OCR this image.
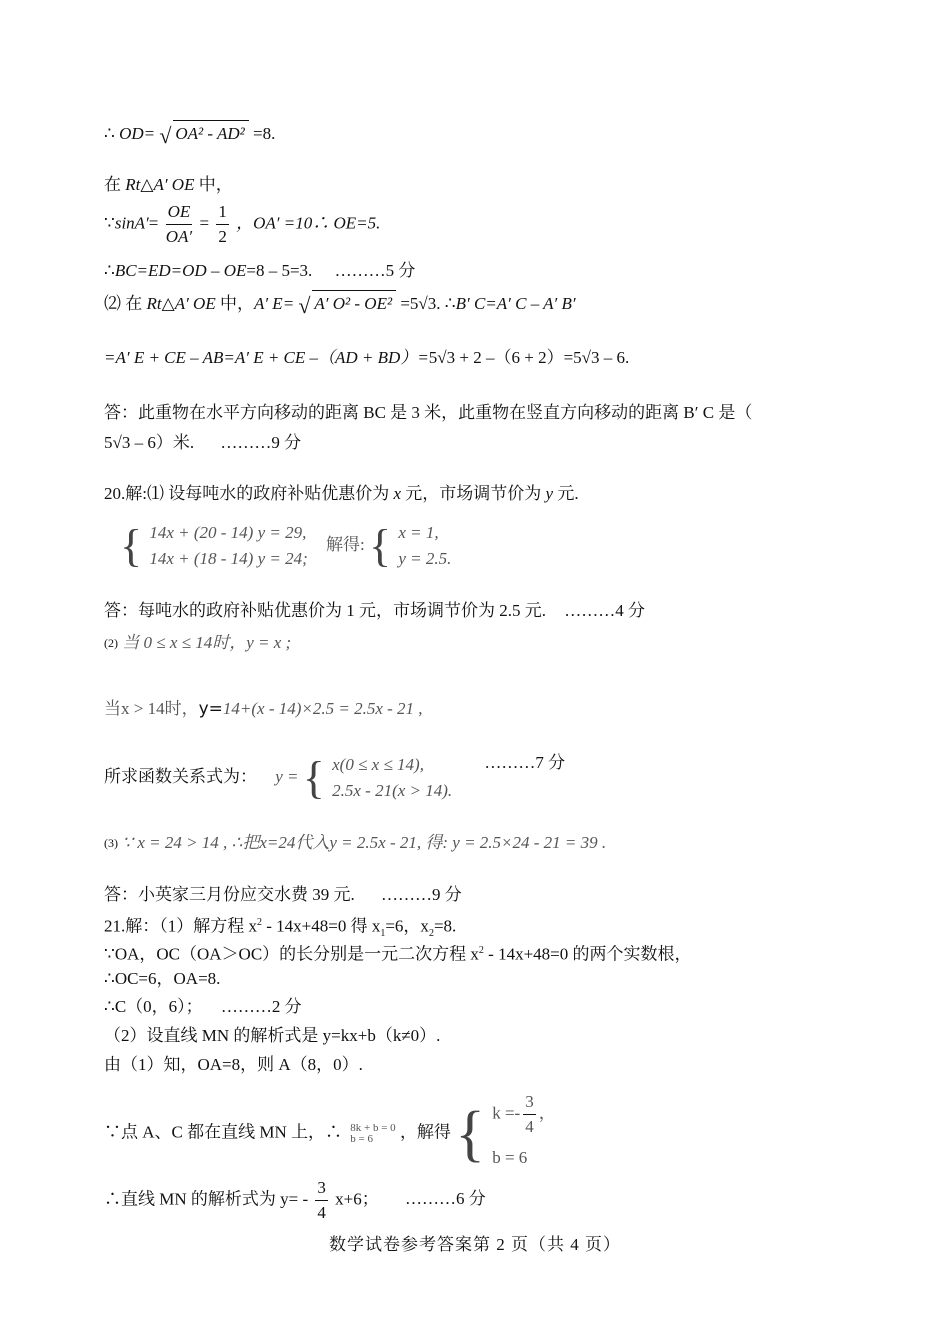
∴ OD= √ OA² - AD² =8.
在 Rt△A′ OE 中，
∵sinA′= $\frac{OE}{OA'} = \frac{1}{2}$ ，OA′ =10∴ OE=5.
∴BC=ED=OD – OE=8 – 5=3. ………5 分
⑵ 在 Rt△A′ OE 中，A′ E= √ A′ O² - OE² =5√3. ∴B′ C=A′ C – A′ B′
=A′ E + CE – AB=A′ E + CE –（AD + BD）=5√3 + 2 –（6 + 2）=5√3 – 6.
答：此重物在水平方向移动的距离 BC 是 3 米，此重物在竖直方向移动的距离 B′ C 是（
5√3 – 6）米. ………9 分
20.解:⑴ 设每吨水的政府补贴优惠价为 x 元，市场调节价为 y 元.
{ 14x + (20 - 14) y = 29,
14x + (18 - 14) y = 24;
解得: { x = 1,
y = 2.5.
答：每吨水的政府补贴优惠价为 1 元，市场调节价为 2.5 元. ………4 分
$^{(2)}$ 当 0 ≤ x ≤ 14时，y = x ;
当x > 14时，y=14+(x - 14)×2.5 = 2.5x - 21 ,
所求函数关系式为： y = { x(0 ≤ x ≤ 14),
2.5x - 21(x > 14).
………7 分
$^{(3)}$ ∵ x = 24 > 14 , ∴把x=24代入y = 2.5x - 21, 得: y = 2.5×24 - 21 = 39 .
答：小英家三月份应交水费 39 元. ………9 分
21.解：（1）解方程 $x^2 - 14x+48=0$ 得 $x_1=6$，$x_2=8$.
∵OA，OC（OA＞OC）的长分别是一元二次方程 $x^2 - 14x+48=0$ 的两个实数根，
∴OC=6，OA=8.
∴C（0，6）； ………2 分
（2）设直线 MN 的解析式是 y=kx+b（k≠0）.
由（1）知，OA=8，则 A（8，0）.
∵点 A、C 都在直线 MN 上，∴ 8k + b = 0
b = 6	，解得 { $k =- \frac{3}{4}$ ，
b = 6
∴直线 MN 的解析式为 $y= - \frac{3}{4} x+6$； ………6 分
数学试卷参考答案第 2 页（共 4 页）
